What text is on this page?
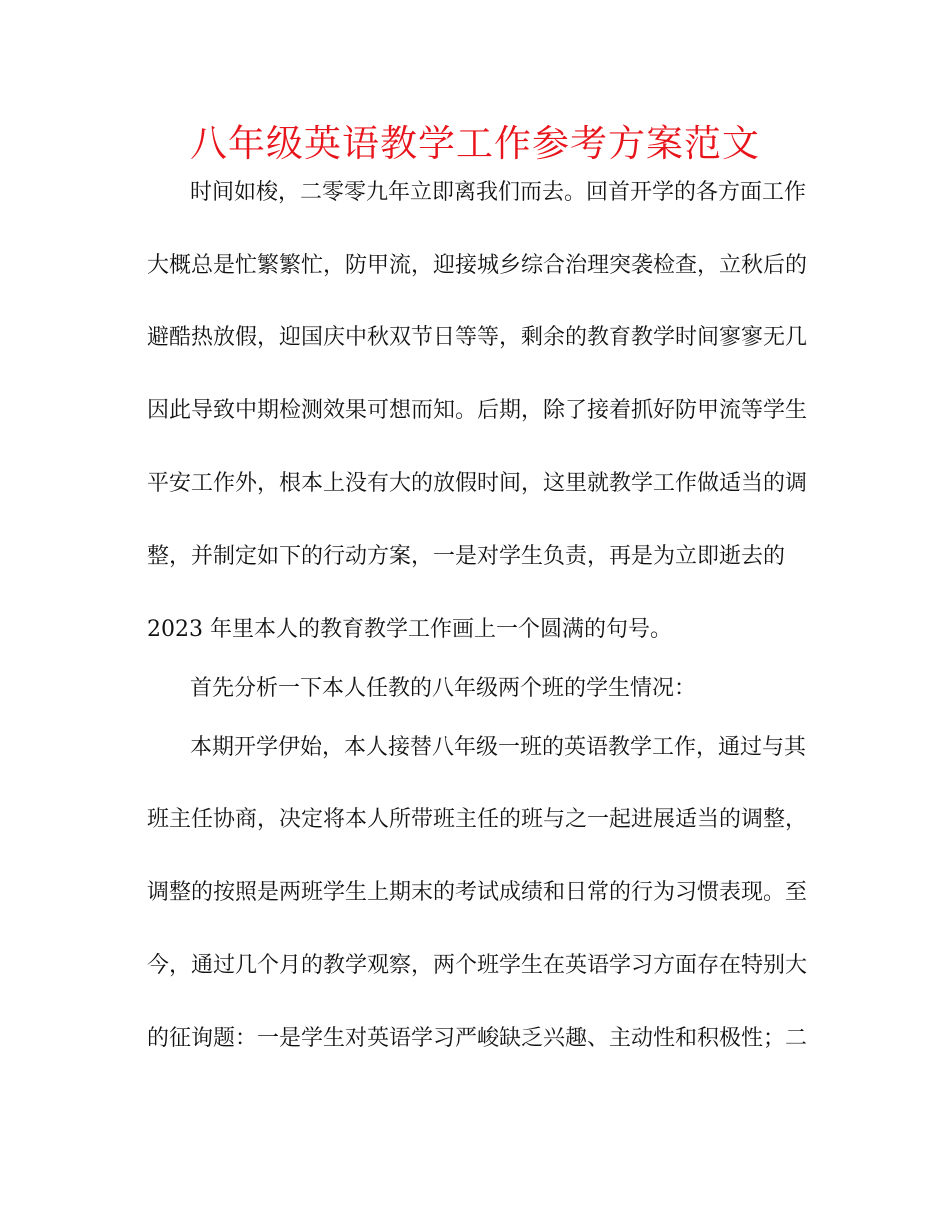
八年级英语教学工作参考方案范文

时间如梭，二零零九年立即离我们而去。回首开学的各方面工作

大概总是忙繁繁忙，防甲流，迎接城乡综合治理突袭检查，立秋后的

避酷热放假，迎国庆中秋双节日等等，剩余的教育教学时间寥寥无几

因此导致中期检测效果可想而知。后期，除了接着抓好防甲流等学生

平安工作外，根本上没有大的放假时间，这里就教学工作做适当的调

整，并制定如下的行动方案，一是对学生负责，再是为立即逝去的

2023 年里本人的教育教学工作画上一个圆满的句号。

首先分析一下本人任教的八年级两个班的学生情况：

本期开学伊始，本人接替八年级一班的英语教学工作，通过与其

班主任协商，决定将本人所带班主任的班与之一起进展适当的调整，

调整的按照是两班学生上期末的考试成绩和日常的行为习惯表现。至

今，通过几个月的教学观察，两个班学生在英语学习方面存在特别大

的征询题：一是学生对英语学习严峻缺乏兴趣、主动性和积极性；二
